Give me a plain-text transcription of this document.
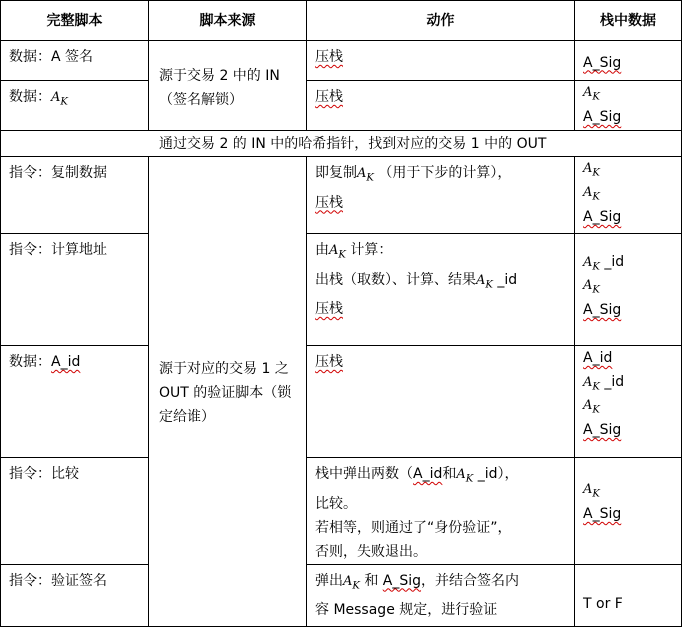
完整脚本	脚本来源	动作	栈中数据
数据：A 签名	源于交易 2 中的 IN（签名解锁）	压栈	A_Sig

数据：$A_K$		压栈	$A_K$
A_Sig

通过交易 2 的 IN 中的哈希指针，找到对应的交易 1 中的 OUT			
指令：复制数据	源于对应的交易 1 之 OUT 的验证脚本（锁定给谁）	即复制$A_K$ （用于下步的计算），
压栈	$A_K$
$A_K$
A_Sig

指令：计算地址		由$A_K$ 计算：
出栈（取数）、计算、结果$A_K$ _id
压栈	$A_K$ _id
$A_K$
A_Sig

数据：A_id		压栈	A_id
$A_K$ _id
$A_K$
A_Sig

指令：比较		栈中弹出两数（A_id和$A_K$ _id），
比较。
若相等，则通过了“身份验证”，
否则，失败退出。	$A_K$
A_Sig

指令：验证签名		弹出$A_K$ 和 A_Sig，并结合签名内
容 Message 规定，进行验证	T or F
